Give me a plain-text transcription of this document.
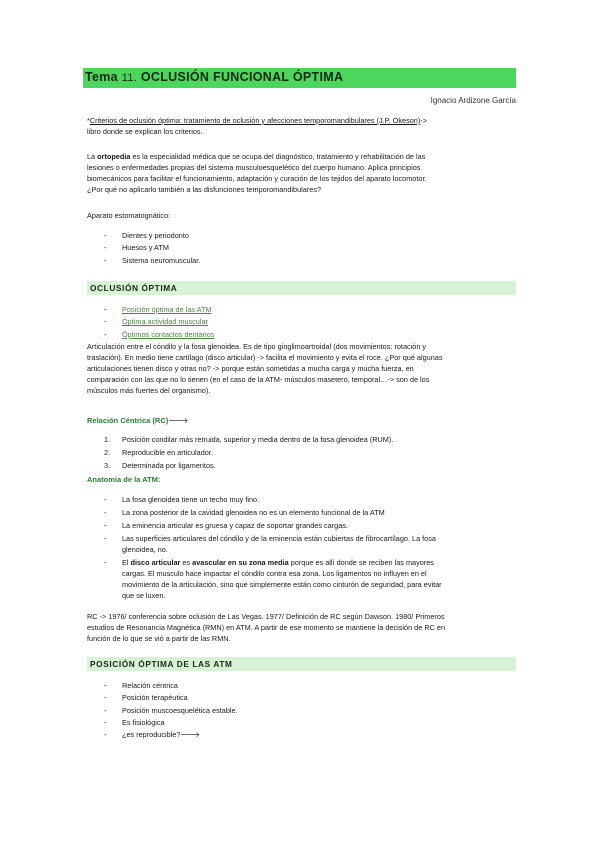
Tema 11. OCLUSIÓN FUNCIONAL ÓPTIMA
Ignacio Ardizone García

*Criterios de oclusión óptima: tratamiento de oclusión y afecciones temporomandibulares (J.P. Okeson)->

libro donde se explican los criterios.

La ortopedia es la especialidad médica que se ocupa del diagnóstico, tratamiento y rehabilitación de las

lesiones o enfermedades propias del sistema musculoesquelético del cuerpo humano. Aplica principios

biomecánicos para facilitar el funcionamiento, adaptación y curación de los tejidos del aparato locomotor.

¿Por qué no aplicarlo también a las disfunciones temporomandibulares?

Aparato estomatognático:

- Dientes y periodonto
- Huesos y ATM
- Sistema neuromuscular.
OCLUSIÓN ÓPTIMA
- Posición óptima de las ATM
- Óptima actividad muscular
- Óptimos contactos dentarios

Articulación entre el cóndilo y la fosa glenoidea. Es de tipo ginglimoartroidal (dos movimientos: rotación y

traslación). En medio tiene cartílago (disco articular) -> facilita el movimiento y evita el roce. ¿Por qué algunas

articulaciones tienen disco y otras no? -> porque están sometidas a mucha carga y mucha fuerza, en

comparación con las que no lo tienen (en el caso de la ATM- músculos masetero, temporal…-> son de los

músculos más fuertes del organismo).

Relación Céntrica (RC)🡒
1. Posición condilar más retruida, superior y media dentro de la fosa glenoidea (RUM).
2. Reproducible en articulador.
3. Determinada por ligamentos.
Anatomía de la ATM:
- La fosa glenoidea tiene un techo muy fino.
- La zona posterior de la cavidad glenoidea no es un elemento funcional de la ATM
- La eminencia articular es gruesa y capaz de soportar grandes cargas.
- Las superficies articulares del cóndilo y de la eminencia están cubiertas de fibrocartílago. La fosa
glenoidea, no.
- El disco articular es avascular en su zona media porque es allí donde se reciben las mayores
cargas. El musculo hace impactar el cóndilo contra esa zona. Los ligamentos no influyen en el
movimiento de la articulación, sino que simplemente están como cinturón de seguridad, para evitar
que se luxen.

RC -> 1976/ conferencia sobre oclusión de Las Vegas. 1977/ Definición de RC según Dawson. 1980/ Primeros

estudios de Resonancia Magnética (RMN) en ATM. A partir de ese momento se mantiene la decisión de RC en

función de lo que se vió a partir de las RMN.

POSICIÓN ÓPTIMA DE LAS ATM
- Relación céntrica
- Posición terapéutica
- Posición muscoesquelética estable.
- Es fisiológica
- ¿es reproducible?🡒
